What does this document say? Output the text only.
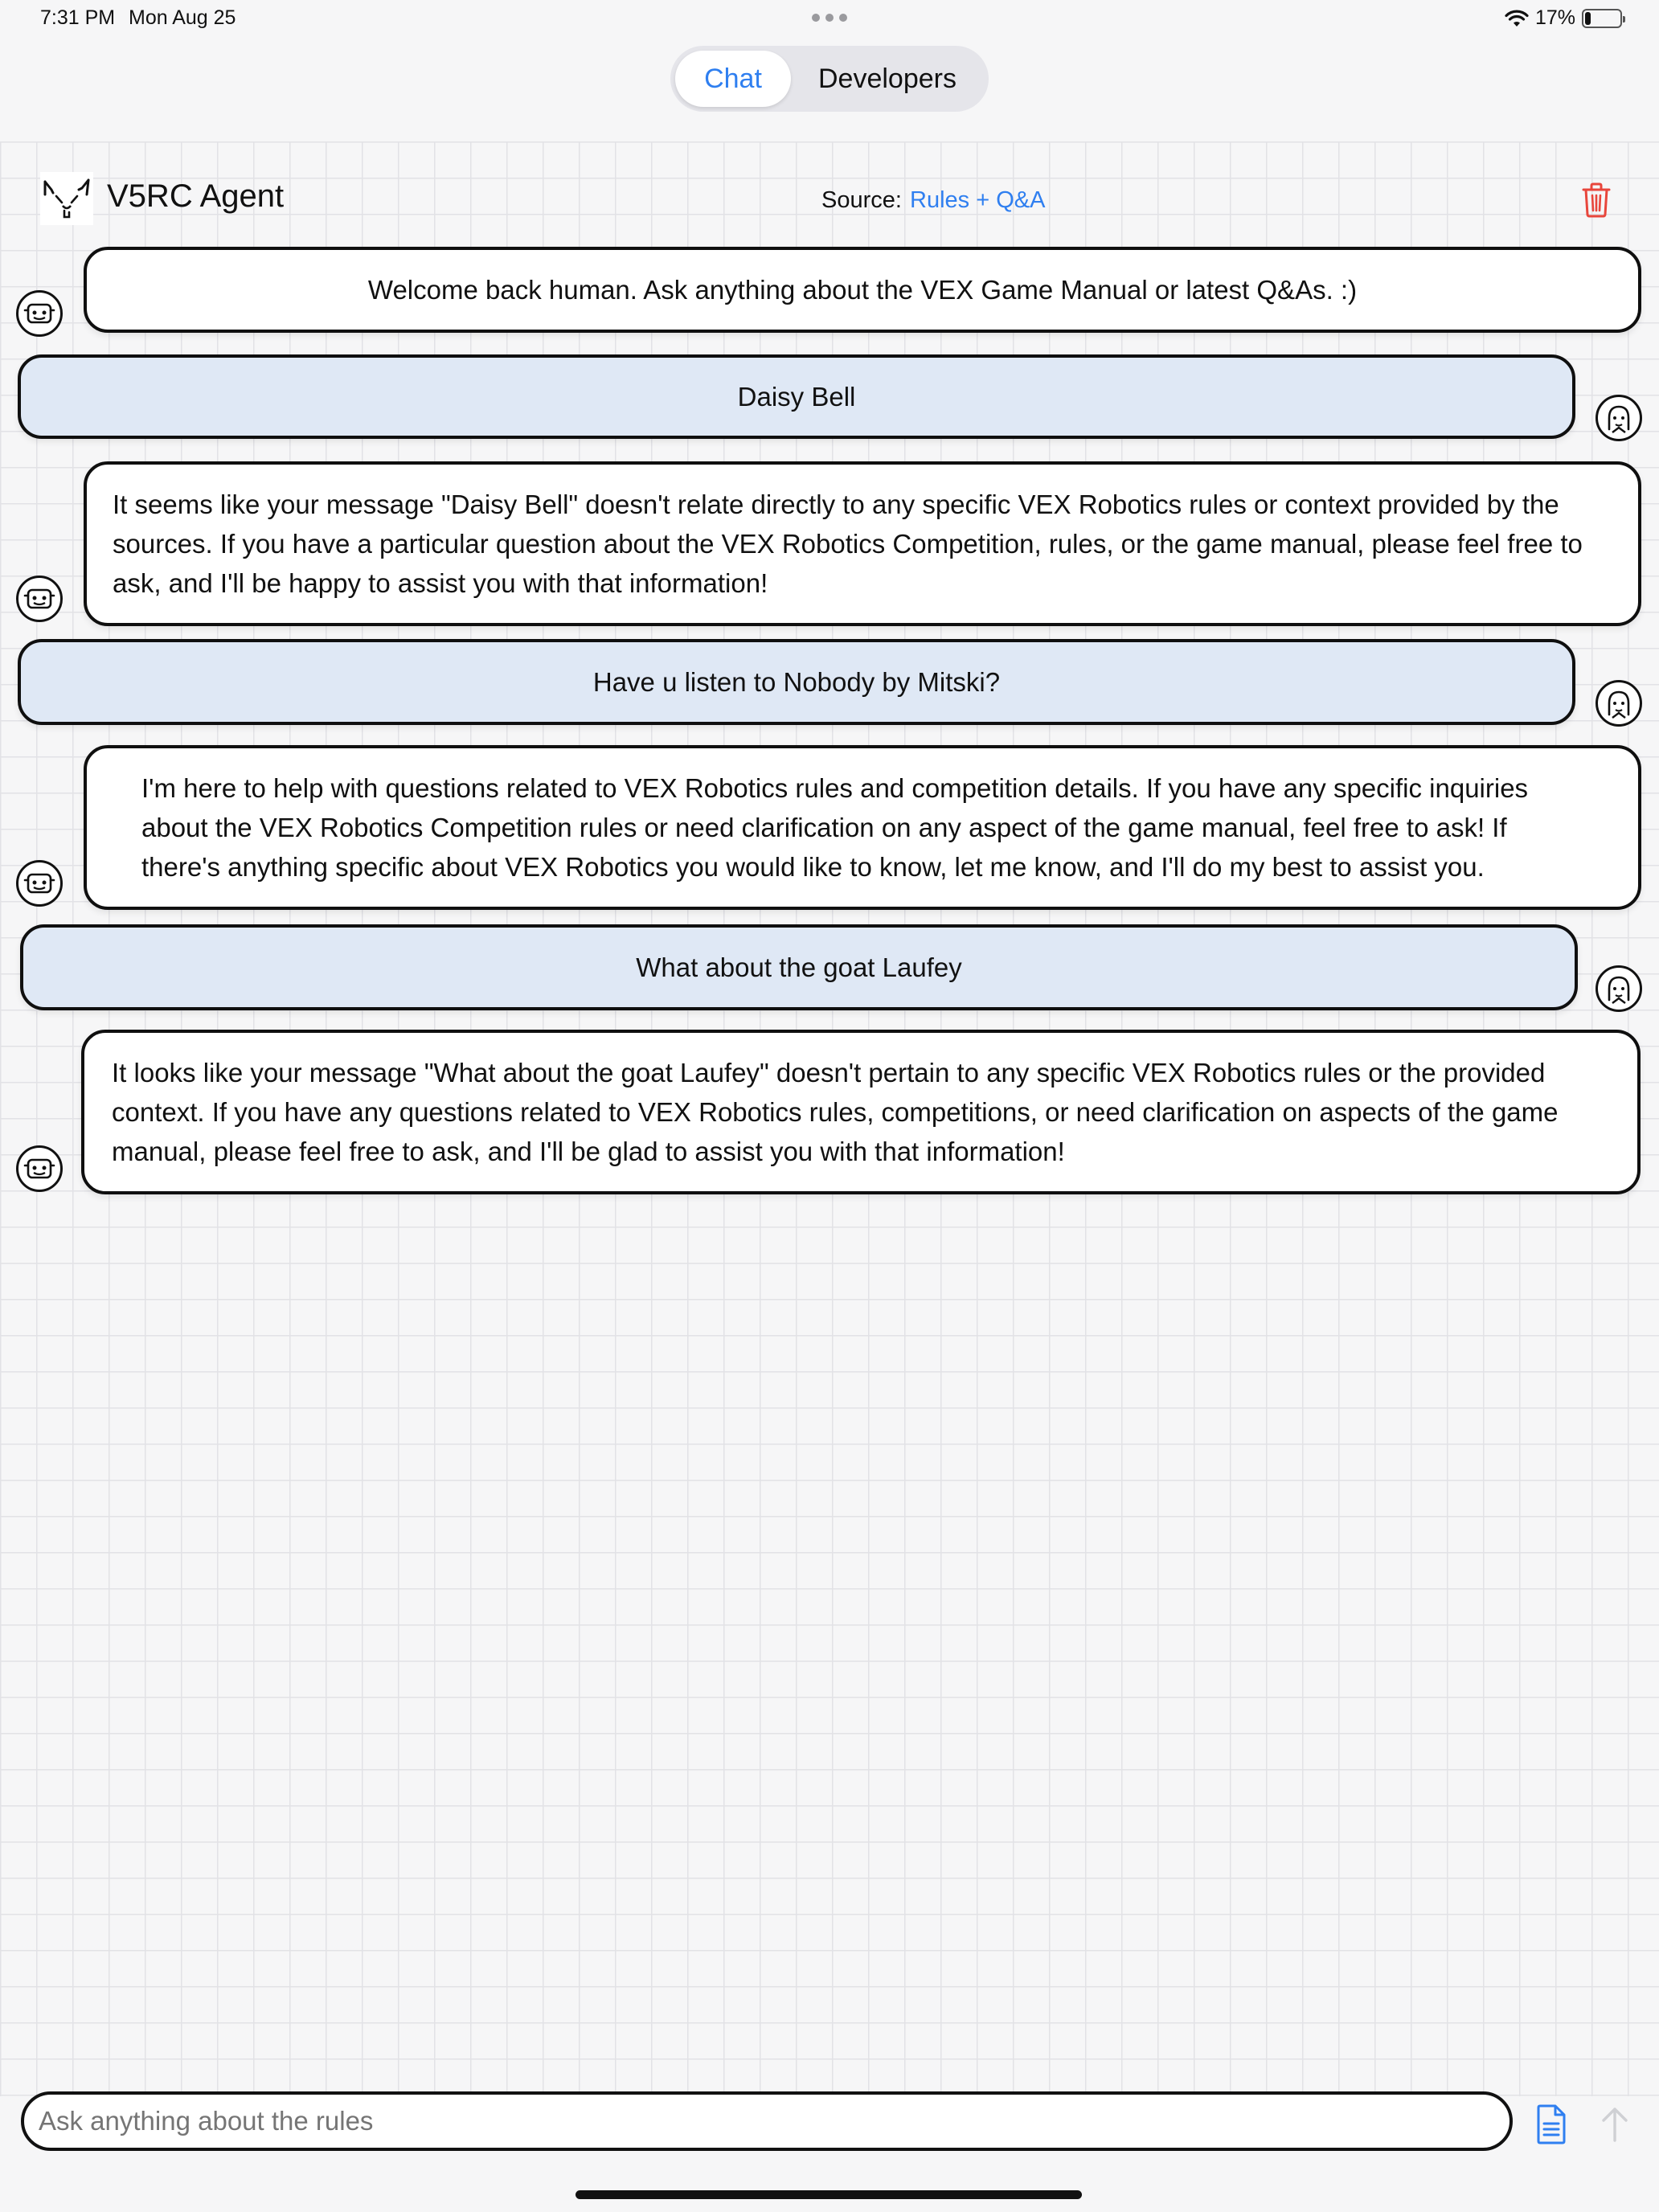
7:31 PM Mon Aug 25	17%
Chat	Developers
V5RC Agent	Source: Rules + Q&A
Welcome back human. Ask anything about the VEX Game Manual or latest Q&As. :)
Daisy Bell
It seems like your message "Daisy Bell" doesn't relate directly to any specific VEX Robotics rules or context provided by the sources. If you have a particular question about the VEX Robotics Competition, rules, or the game manual, please feel free to ask, and I'll be happy to assist you with that information!
Have u listen to Nobody by Mitski?
I'm here to help with questions related to VEX Robotics rules and competition details. If you have any specific inquiries about the VEX Robotics Competition rules or need clarification on any aspect of the game manual, feel free to ask! If there's anything specific about VEX Robotics you would like to know, let me know, and I'll do my best to assist you.
What about the goat Laufey
It looks like your message "What about the goat Laufey" doesn't pertain to any specific VEX Robotics rules or the provided context. If you have any questions related to VEX Robotics rules, competitions, or need clarification on aspects of the game manual, please feel free to ask, and I'll be glad to assist you with that information!
Ask anything about the rules
